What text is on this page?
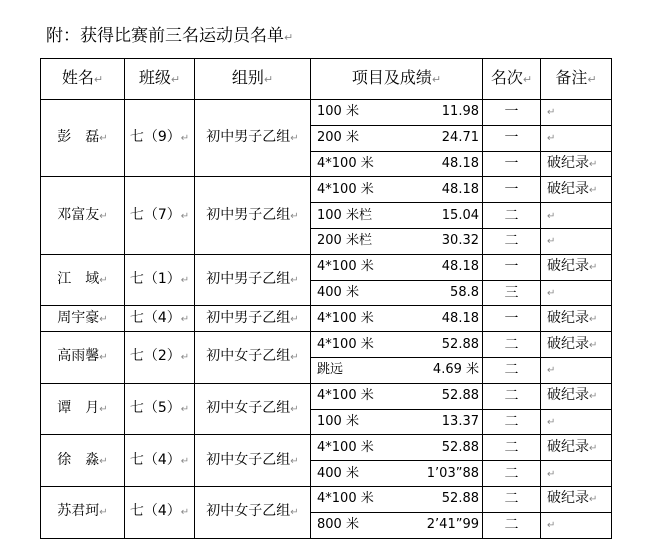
附：获得比赛前三名运动员名单↵
姓名↵	班级↵	组别↵	项目及成绩↵	名次↵	备注↵
彭　磊↵	七（9）↵	初中男子乙组↵	100 米 11.98	一	↵

			200 米 24.71	一	↵

			4*100 米 48.18	一	破纪录↵
邓富友↵	七（7）↵	初中男子乙组↵	4*100 米 48.18	一	破纪录↵

			100 米栏 15.04	二	↵

			200 米栏 30.32	二	↵
江　域↵	七（1）↵	初中男子乙组↵	4*100 米 48.18	一	破纪录↵

			400 米 58.8	三	↵
周宇豪↵	七（4）↵	初中男子乙组↵	4*100 米 48.18	一	破纪录↵
高雨馨↵	七（2）↵	初中女子乙组↵	4*100 米 52.88	二	破纪录↵

			跳远 4.69 米	二	↵
谭　月↵	七（5）↵	初中女子乙组↵	4*100 米 52.88	二	破纪录↵

			100 米 13.37	二	↵
徐　淼↵	七（4）↵	初中女子乙组↵	4*100 米 52.88	二	破纪录↵

			400 米 1’03”88	二	↵
苏君珂↵	七（4）↵	初中女子乙组↵	4*100 米 52.88	二	破纪录↵

			800 米 2’41”99	二	↵
